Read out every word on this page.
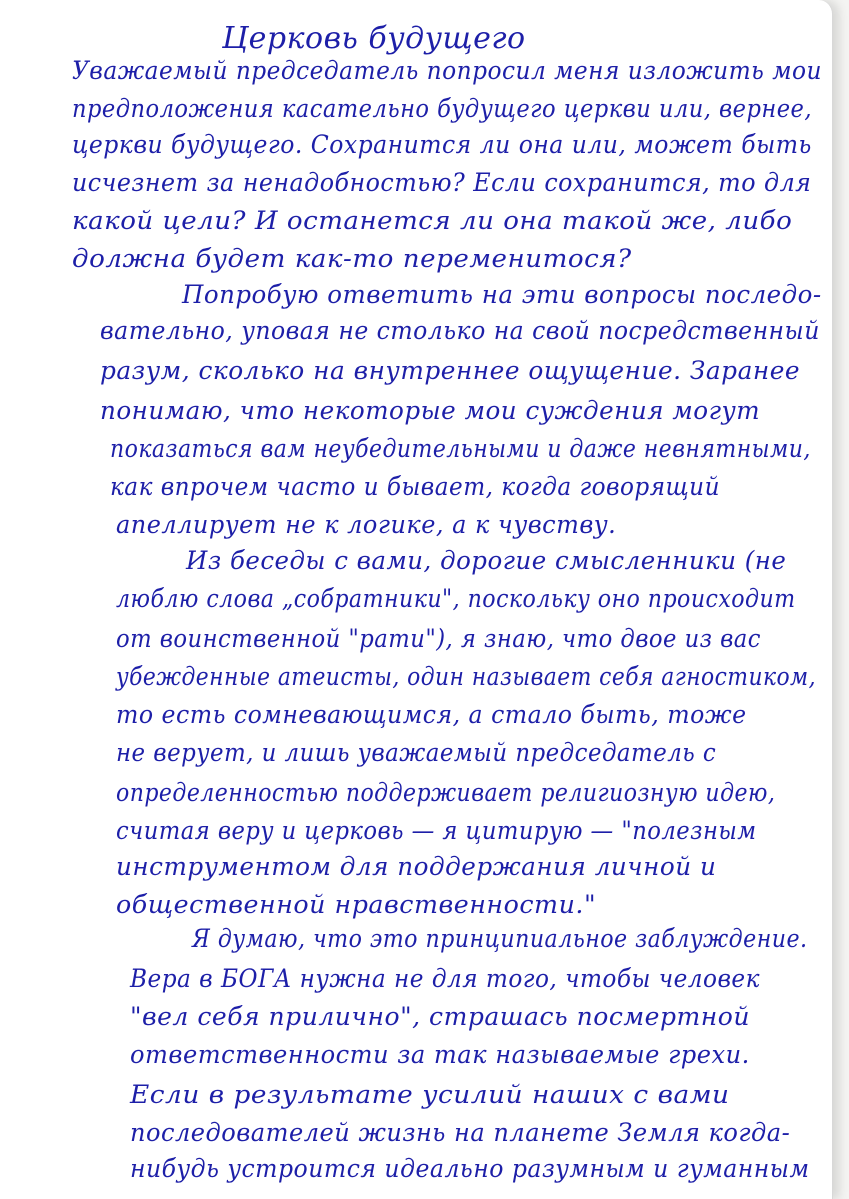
Церковь будущего
Уважаемый председатель попросил меня изложить мои
предположения касательно будущего церкви или, вернее,
церкви будущего. Сохранится ли она или, может быть
исчезнет за ненадобностью? Если сохранится, то для
какой цели? И останется ли она такой же, либо
должна будет как-то переменитося?
Попробую ответить на эти вопросы последо-
вательно, уповая не столько на свой посредственный
разум, сколько на внутреннее ощущение. Заранее
понимаю, что некоторые мои суждения могут
показаться вам неубедительными и даже невнятными,
как впрочем часто и бывает, когда говорящий
апеллирует не к логике, а к чувству.
Из беседы с вами, дорогие смысленники (не
люблю слова „собратники", поскольку оно происходит
от воинственной "рати"), я знаю, что двое из вас
убежденные атеисты, один называет себя агностиком,
то есть сомневающимся, а стало быть, тоже
не верует, и лишь уважаемый председатель с
определенностью поддерживает религиозную идею,
считая веру и церковь — я цитирую — "полезным
инструментом для поддержания личной и
общественной нравственности."
Я думаю, что это принципиальное заблуждение.
Вера в БОГА нужна не для того, чтобы человек
"вел себя прилично", страшась посмертной
ответственности за так называемые грехи.
Если в результате усилий наших с вами
последователей жизнь на планете Земля когда-
нибудь устроится идеально разумным и гуманным
